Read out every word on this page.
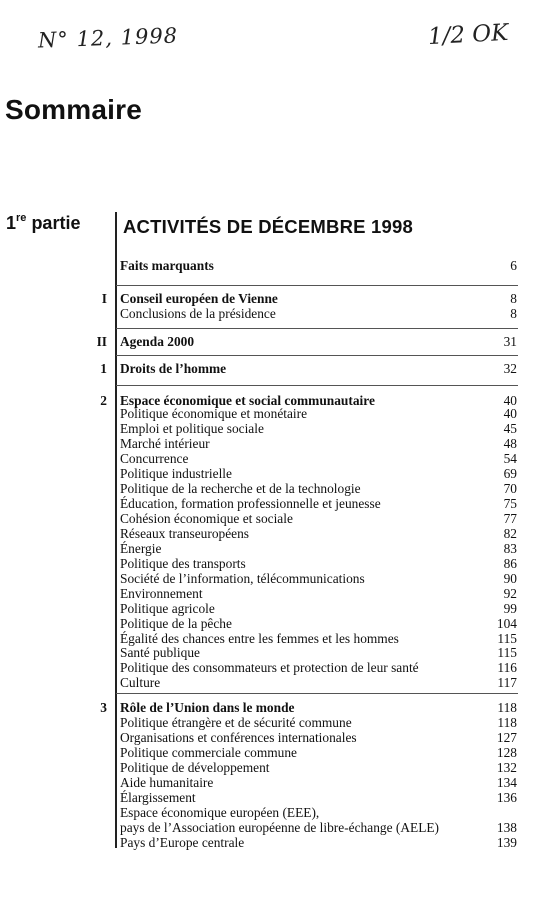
N° 12, 1998	1/2 OK
Sommaire
1re partie ACTIVITÉS DE DÉCEMBRE 1998
Faits marquants	6
I Conseil européen de Vienne	8
Conclusions de la présidence	8
II Agenda 2000	31
1 Droits de l’homme	32
2 Espace économique et social communautaire	40
Politique économique et monétaire	40
Emploi et politique sociale	45
Marché intérieur	48
Concurrence	54
Politique industrielle	69
Politique de la recherche et de la technologie	70
Éducation, formation professionnelle et jeunesse	75
Cohésion économique et sociale	77
Réseaux transeuropéens	82
Énergie	83
Politique des transports	86
Société de l’information, télécommunications	90
Environnement	92
Politique agricole	99
Politique de la pêche	104
Égalité des chances entre les femmes et les hommes	115
Santé publique	115
Politique des consommateurs et protection de leur santé	116
Culture	117
3 Rôle de l’Union dans le monde	118
Politique étrangère et de sécurité commune	118
Organisations et conférences internationales	127
Politique commerciale commune	128
Politique de développement	132
Aide humanitaire	134
Élargissement	136
Espace économique européen (EEE),
pays de l’Association européenne de libre-échange (AELE)	138
Pays d’Europe centrale	139
